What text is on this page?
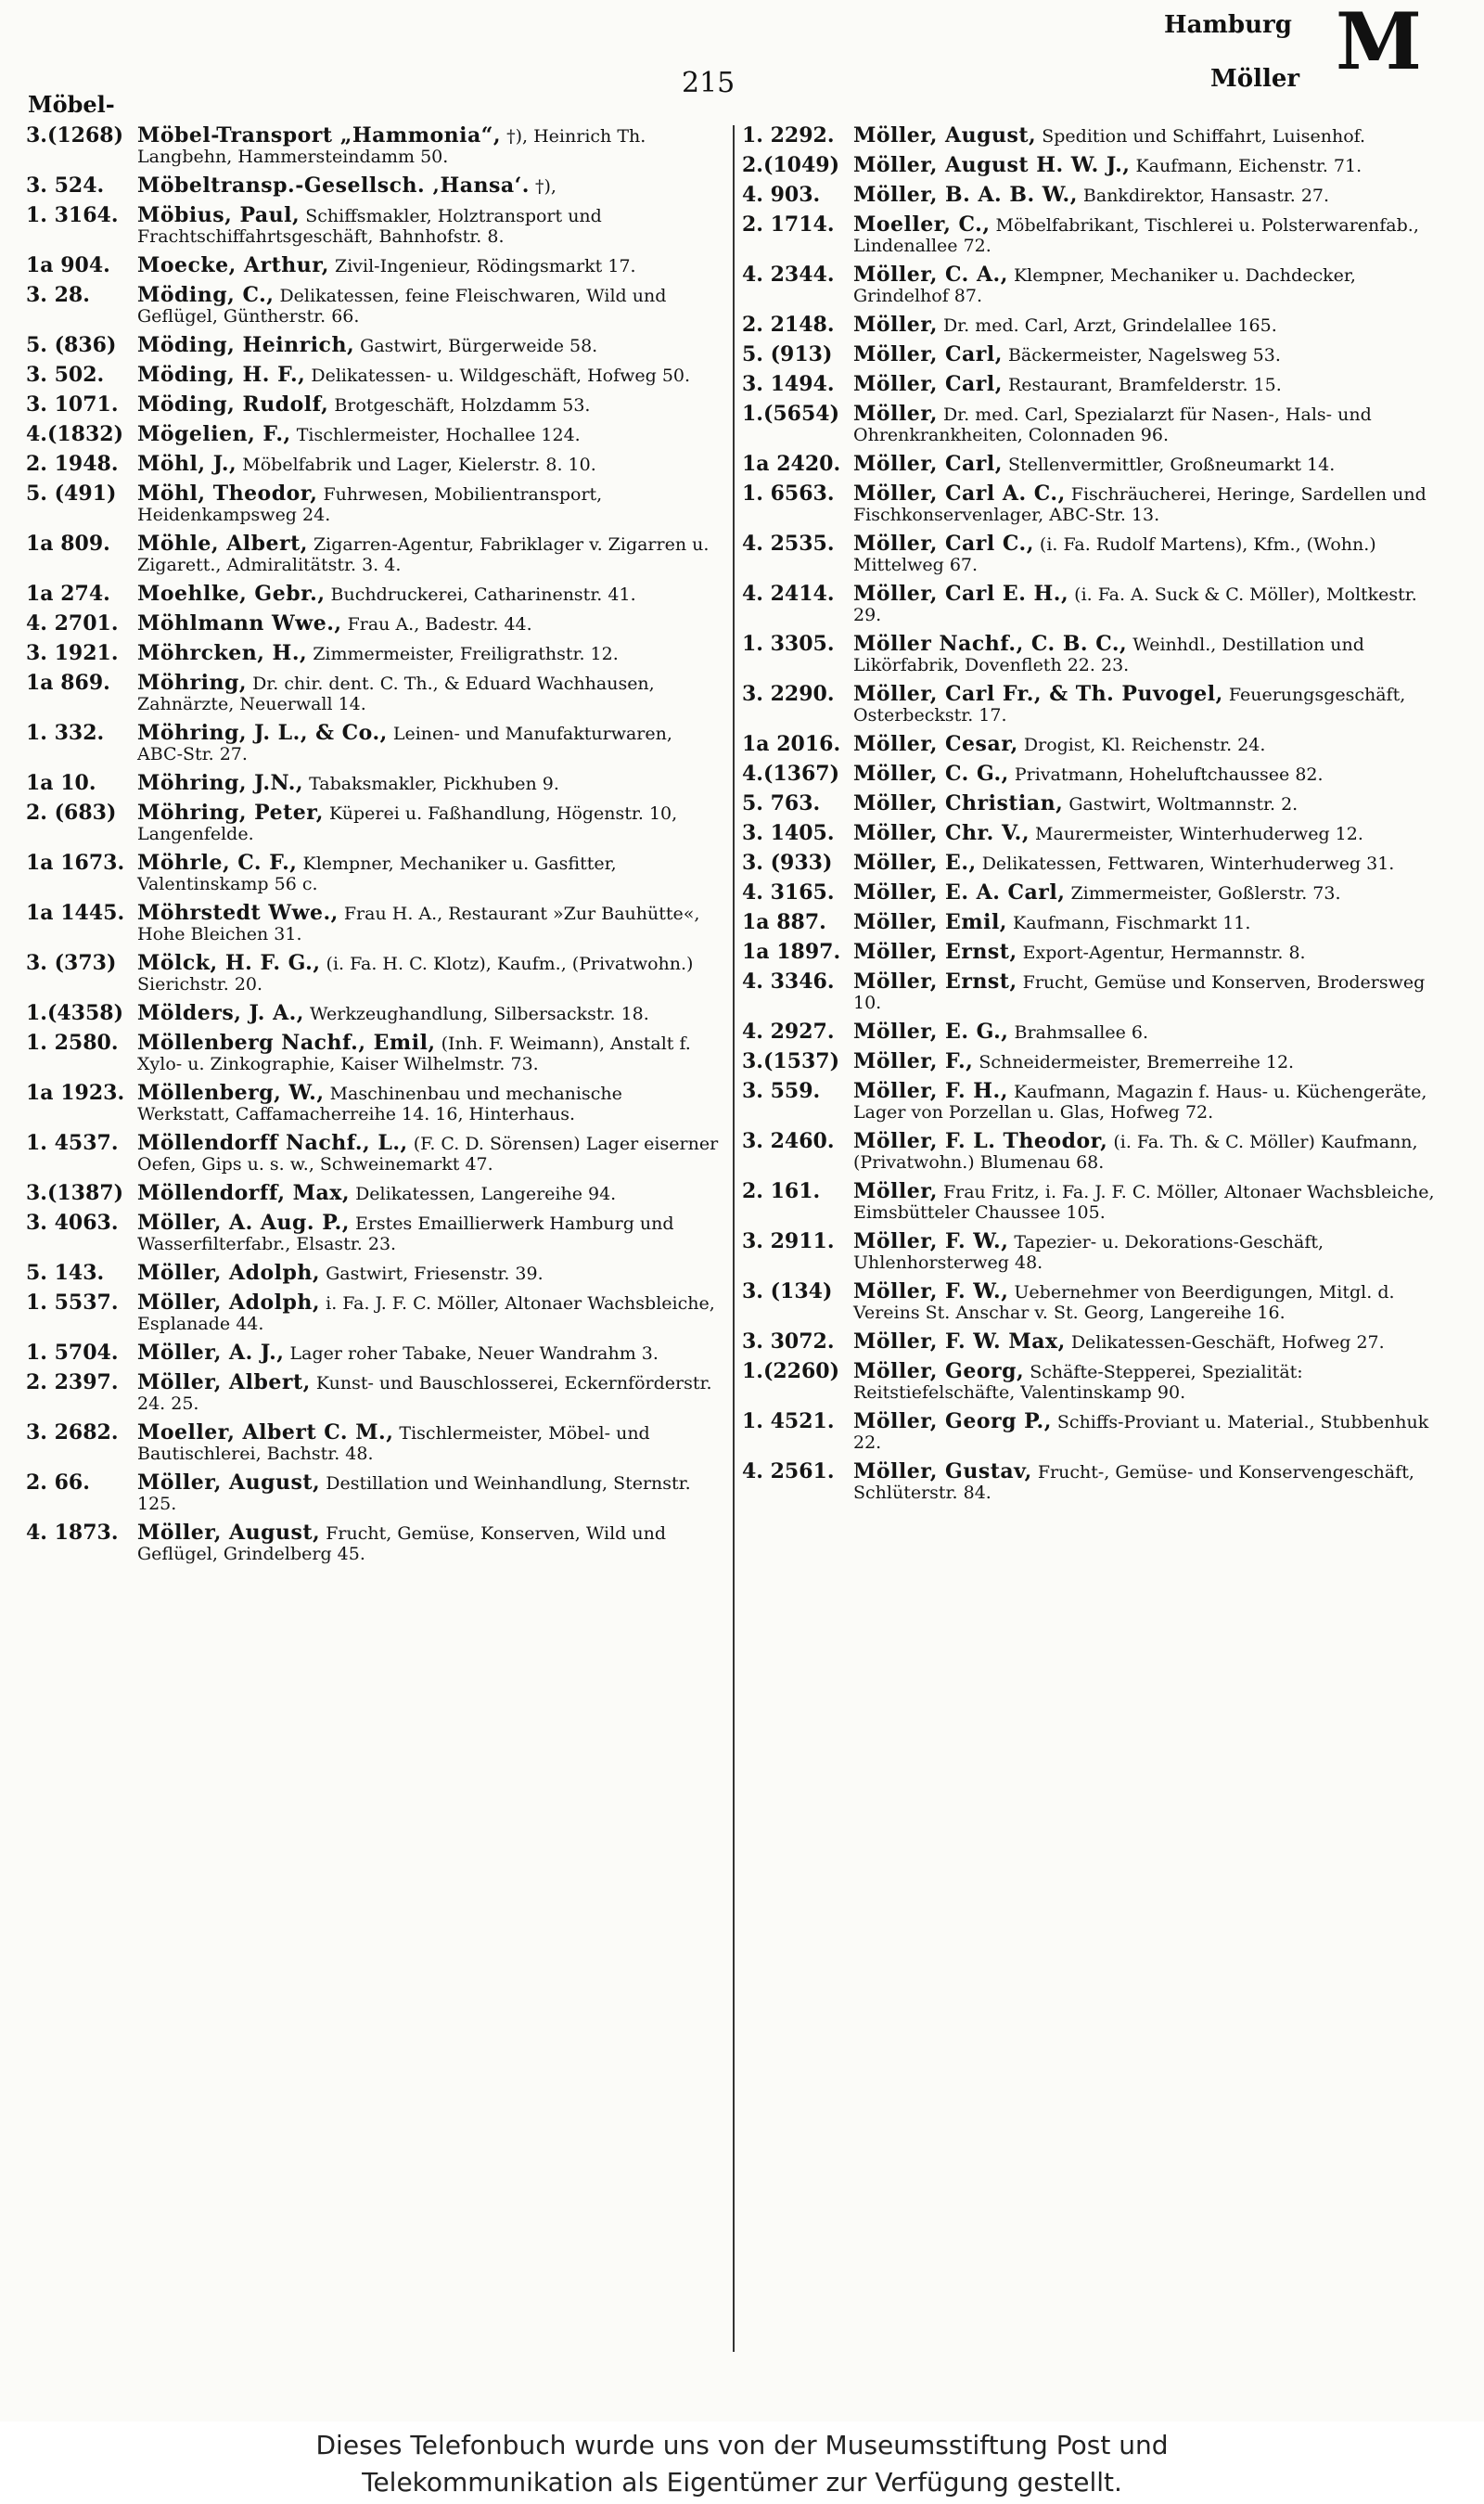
Möbel-
215
Hamburg
Möller M
3.(1268) Möbel-Transport „Hammonia“, †), Heinrich Th. Langbehn, Hammersteindamm 50.
3. 524.	Möbeltransp.-Gesellsch. ‚Hansa‘. †),
1. 3164. Möbius, Paul, Schiffsmakler, Holztransport und Frachtschiffahrtsgeschäft, Bahnhofstr. 8.
1a 904.	Moecke, Arthur, Zivil-Ingenieur, Rödingsmarkt 17.
3. 28.	Möding, C., Delikatessen, feine Fleischwaren, Wild und Geflügel, Güntherstr. 66.
5. (836)	Möding, Heinrich, Gastwirt, Bürgerweide 58.
3. 502.	Möding, H. F., Delikatessen- u. Wildgeschäft, Hofweg 50.
3. 1071. Möding, Rudolf, Brotgeschäft, Holzdamm 53.
4.(1832) Mögelien, F., Tischlermeister, Hochallee 124.
2. 1948. Möhl, J., Möbelfabrik und Lager, Kielerstr. 8. 10.
5. (491)	Möhl, Theodor, Fuhrwesen, Mobilientransport, Heidenkampsweg 24.
1a 809.	Möhle, Albert, Zigarren-Agentur, Fabriklager v. Zigarren u. Zigarett., Admiralitätstr. 3. 4.
1a 274.	Moehlke, Gebr., Buchdruckerei, Catharinenstr. 41.
4. 2701. Möhlmann Wwe., Frau A., Badestr. 44.
3. 1921. Möhrcken, H., Zimmermeister, Freiligrathstr. 12.
1a 869.	Möhring, Dr. chir. dent. C. Th., & Eduard Wachhausen, Zahnärzte, Neuerwall 14.
1. 332.	Möhring, J. L., & Co., Leinen- und Manufakturwaren, ABC-Str. 27.
1a 10.	Möhring, J.N., Tabaksmakler, Pickhuben 9.
2. (683)	Möhring, Peter, Küperei u. Faßhandlung, Högenstr. 10, Langenfelde.
1a 1673. Möhrle, C. F., Klempner, Mechaniker u. Gasfitter, Valentinskamp 56 c.
1a 1445. Möhrstedt Wwe., Frau H. A., Restaurant »Zur Bauhütte«, Hohe Bleichen 31.
3. (373)	Mölck, H. F. G., (i. Fa. H. C. Klotz), Kaufm., (Privatwohn.) Sierichstr. 20.
1.(4358) Mölders, J. A., Werkzeughandlung, Silbersackstr. 18.
1. 2580. Möllenberg Nachf., Emil, (Inh. F. Weimann), Anstalt f. Xylo- u. Zinkographie, Kaiser Wilhelmstr. 73.
1a 1923. Möllenberg, W., Maschinenbau und mechanische Werkstatt, Caffamacherreihe 14. 16, Hinterhaus.
1. 4537. Möllendorff Nachf., L., (F. C. D. Sörensen) Lager eiserner Oefen, Gips u. s. w., Schweinemarkt 47.
3.(1387) Möllendorff, Max, Delikatessen, Langereihe 94.
3. 4063. Möller, A. Aug. P., Erstes Emaillierwerk Hamburg und Wasserfilterfabr., Elsastr. 23.
5. 143.	Möller, Adolph, Gastwirt, Friesenstr. 39.
1. 5537. Möller, Adolph, i. Fa. J. F. C. Möller, Altonaer Wachsbleiche, Esplanade 44.
1. 5704. Möller, A. J., Lager roher Tabake, Neuer Wandrahm 3.
2. 2397. Möller, Albert, Kunst- und Bauschlosserei, Eckernförderstr. 24. 25.
3. 2682. Moeller, Albert C. M., Tischlermeister, Möbel- und Bautischlerei, Bachstr. 48.
2. 66.	Möller, August, Destillation und Weinhandlung, Sternstr. 125.
4. 1873. Möller, August, Frucht, Gemüse, Konserven, Wild und Geflügel, Grindelberg 45.
1. 2292. Möller, August, Spedition und Schiffahrt, Luisenhof.
2.(1049) Möller, August H. W. J., Kaufmann, Eichenstr. 71.
4. 903.	Möller, B. A. B. W., Bankdirektor, Hansastr. 27.
2. 1714. Moeller, C., Möbelfabrikant, Tischlerei u. Polsterwarenfab., Lindenallee 72.
4. 2344. Möller, C. A., Klempner, Mechaniker u. Dachdecker, Grindelhof 87.
2. 2148. Möller, Dr. med. Carl, Arzt, Grindelallee 165.
5. (913)	Möller, Carl, Bäckermeister, Nagelsweg 53.
3. 1494. Möller, Carl, Restaurant, Bramfelderstr. 15.
1.(5654) Möller, Dr. med. Carl, Spezialarzt für Nasen-, Hals- und Ohrenkrankheiten, Colonnaden 96.
1a 2420. Möller, Carl, Stellenvermittler, Großneumarkt 14.
1. 6563. Möller, Carl A. C., Fischräucherei, Heringe, Sardellen und Fischkonservenlager, ABC-Str. 13.
4. 2535. Möller, Carl C., (i. Fa. Rudolf Martens), Kfm., (Wohn.) Mittelweg 67.
4. 2414. Möller, Carl E. H., (i. Fa. A. Suck & C. Möller), Moltkestr. 29.
1. 3305. Möller Nachf., C. B. C., Weinhdl., Destillation und Likörfabrik, Dovenfleth 22. 23.
3. 2290. Möller, Carl Fr., & Th. Puvogel, Feuerungsgeschäft, Osterbeckstr. 17.
1a 2016. Möller, Cesar, Drogist, Kl. Reichenstr. 24.
4.(1367) Möller, C. G., Privatmann, Hoheluftchaussee 82.
5. 763.	Möller, Christian, Gastwirt, Woltmannstr. 2.
3. 1405. Möller, Chr. V., Maurermeister, Winterhuderweg 12.
3. (933)	Möller, E., Delikatessen, Fettwaren, Winterhuderweg 31.
4. 3165. Möller, E. A. Carl, Zimmermeister, Goßlerstr. 73.
1a 887.	Möller, Emil, Kaufmann, Fischmarkt 11.
1a 1897. Möller, Ernst, Export-Agentur, Hermannstr. 8.
4. 3346. Möller, Ernst, Frucht, Gemüse und Konserven, Brodersweg 10.
4. 2927. Möller, E. G., Brahmsallee 6.
3.(1537) Möller, F., Schneidermeister, Bremerreihe 12.
3. 559.	Möller, F. H., Kaufmann, Magazin f. Haus- u. Küchengeräte, Lager von Porzellan u. Glas, Hofweg 72.
3. 2460. Möller, F. L. Theodor, (i. Fa. Th. & C. Möller) Kaufmann, (Privatwohn.) Blumenau 68.
2. 161.	Möller, Frau Fritz, i. Fa. J. F. C. Möller, Altonaer Wachsbleiche, Eimsbütteler Chaussee 105.
3. 2911. Möller, F. W., Tapezier- u. Dekorations-Geschäft, Uhlenhorsterweg 48.
3. (134)	Möller, F. W., Uebernehmer von Beerdigungen, Mitgl. d. Vereins St. Anschar v. St. Georg, Langereihe 16.
3. 3072. Möller, F. W. Max, Delikatessen-Geschäft, Hofweg 27.
1.(2260) Möller, Georg, Schäfte-Stepperei, Spezialität: Reitstiefelschäfte, Valentinskamp 90.
1. 4521. Möller, Georg P., Schiffs-Proviant u. Material., Stubbenhuk 22.
4. 2561. Möller, Gustav, Frucht-, Gemüse- und Konservengeschäft, Schlüterstr. 84.
Dieses Telefonbuch wurde uns von der Museumsstiftung Post und
Telekommunikation als Eigentümer zur Verfügung gestellt.
